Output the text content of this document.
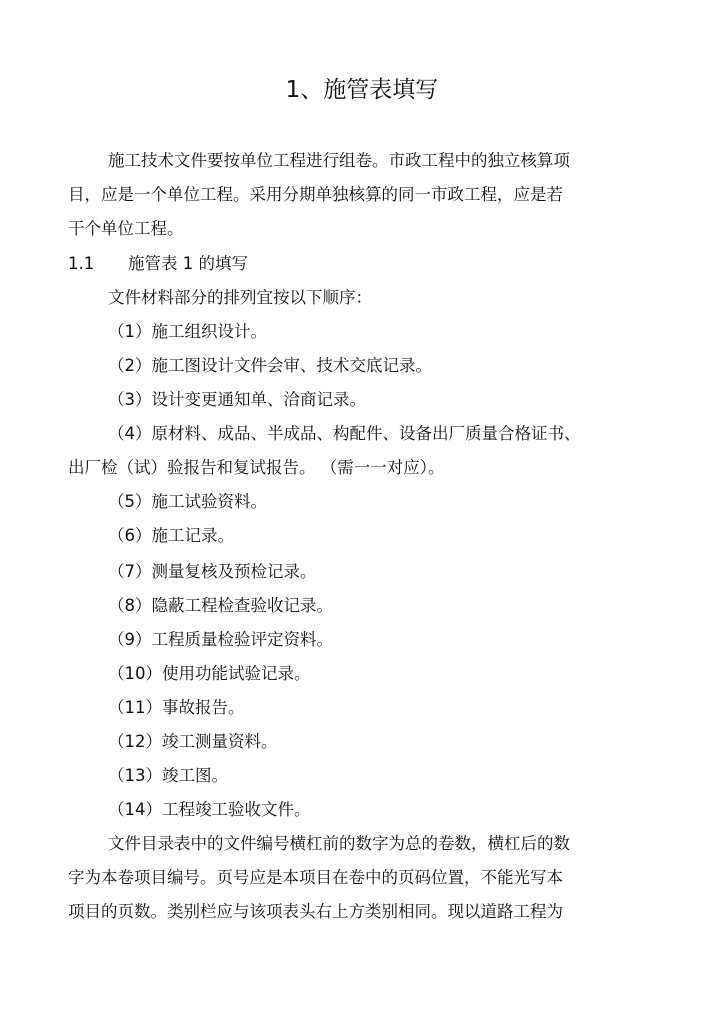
1、施管表填写
施工技术文件要按单位工程进行组卷。市政工程中的独立核算项
目，应是一个单位工程。采用分期单独核算的同一市政工程，应是若
干个单位工程。
1.1 施管表 1 的填写
文件材料部分的排列宜按以下顺序：
（1）施工组织设计。
（2）施工图设计文件会审、技术交底记录。
（3）设计变更通知单、洽商记录。
（4）原材料、成品、半成品、构配件、设备出厂质量合格证书、
出厂检（试）验报告和复试报告。 （需一一对应）。
（5）施工试验资料。
（6）施工记录。
（7）测量复核及预检记录。
（8）隐蔽工程检查验收记录。
（9）工程质量检验评定资料。
（10）使用功能试验记录。
（11）事故报告。
（12）竣工测量资料。
（13）竣工图。
（14）工程竣工验收文件。
文件目录表中的文件编号横杠前的数字为总的卷数，横杠后的数
字为本卷项目编号。页号应是本项目在卷中的页码位置，不能光写本
项目的页数。类别栏应与该项表头右上方类别相同。现以道路工程为
